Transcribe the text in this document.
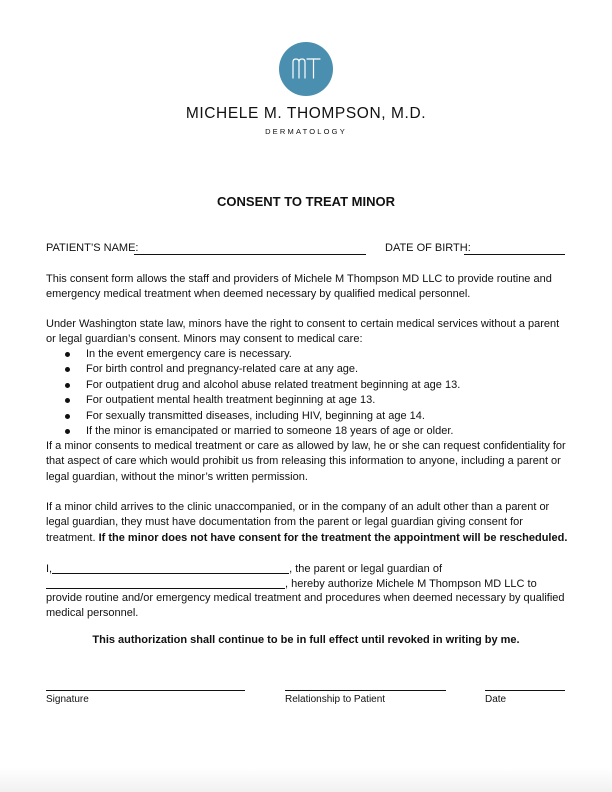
MICHELE M. THOMPSON, M.D.
DERMATOLOGY
CONSENT TO TREAT MINOR
PATIENT’S NAME:	DATE OF BIRTH:

This consent form allows the staff and providers of Michele M Thompson MD LLC to provide routine and emergency medical treatment when deemed necessary by qualified medical personnel.

Under Washington state law, minors have the right to consent to certain medical services without a parent or legal guardian’s consent. Minors may consent to medical care:

In the event emergency care is necessary.
For birth control and pregnancy-related care at any age.
For outpatient drug and alcohol abuse related treatment beginning at age 13.
For outpatient mental health treatment beginning at age 13.
For sexually transmitted diseases, including HIV, beginning at age 14.
If the minor is emancipated or married to someone 18 years of age or older.

If a minor consents to medical treatment or care as allowed by law, he or she can request confidentiality for that aspect of care which would prohibit us from releasing this information to anyone, including a parent or legal guardian, without the minor’s written permission.

If a minor child arrives to the clinic unaccompanied, or in the company of an adult other than a parent or legal guardian, they must have documentation from the parent or legal guardian giving consent for treatment. If the minor does not have consent for the treatment the appointment will be rescheduled.

I,	, the parent or legal guardian of
, hereby authorize Michele M Thompson MD LLC to

provide routine and/or emergency medical treatment and procedures when deemed necessary by qualified medical personnel.

This authorization shall continue to be in full effect until revoked in writing by me.
Signature	Relationship to Patient	Date
